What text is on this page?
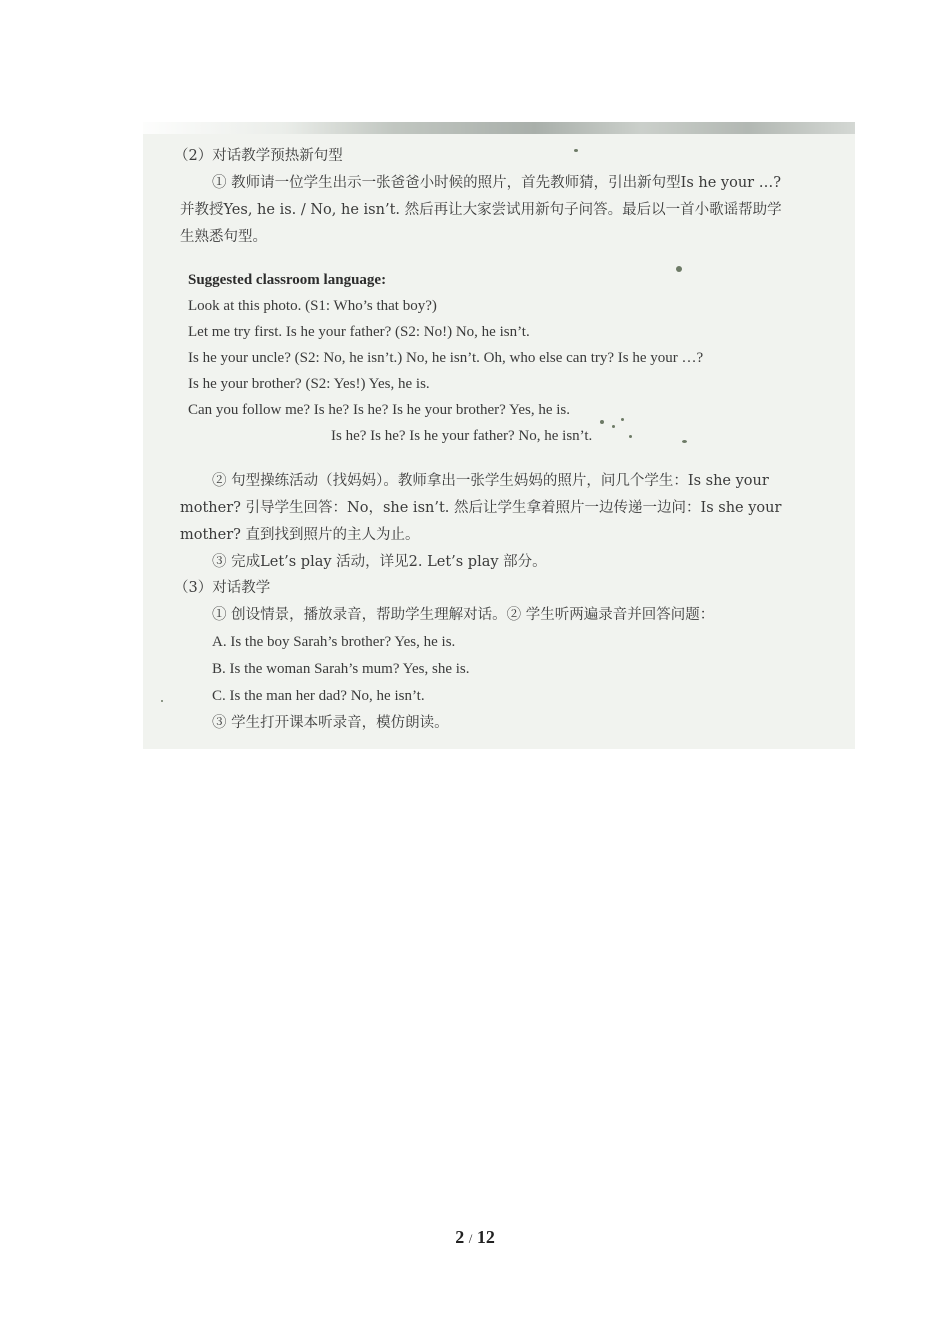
（2）对话教学预热新句型
① 教师请一位学生出示一张爸爸小时候的照片，首先教师猜，引出新句型Is he your …?
并教授Yes, he is. / No, he isn’t. 然后再让大家尝试用新句子问答。最后以一首小歌谣帮助学
生熟悉句型。
Suggested classroom language:
Look at this photo. (S1: Who’s that boy?)
Let me try first. Is he your father? (S2: No!) No, he isn’t.
Is he your uncle? (S2: No, he isn’t.) No, he isn’t. Oh, who else can try? Is he your …?
Is he your brother? (S2: Yes!) Yes, he is.
Can you follow me? Is he? Is he? Is he your brother? Yes, he is.
Is he? Is he? Is he your father? No, he isn’t.
② 句型操练活动（找妈妈）。教师拿出一张学生妈妈的照片，问几个学生：Is she your
mother? 引导学生回答：No，she isn’t. 然后让学生拿着照片一边传递一边问：Is she your
mother? 直到找到照片的主人为止。
③ 完成Let’s play 活动，详见2. Let’s play 部分。
（3）对话教学
① 创设情景，播放录音，帮助学生理解对话。② 学生听两遍录音并回答问题：
A. Is the boy Sarah’s brother? Yes, he is.
B. Is the woman Sarah’s mum? Yes, she is.
C. Is the man her dad? No, he isn’t.
③ 学生打开课本听录音，模仿朗读。
2 / 12
